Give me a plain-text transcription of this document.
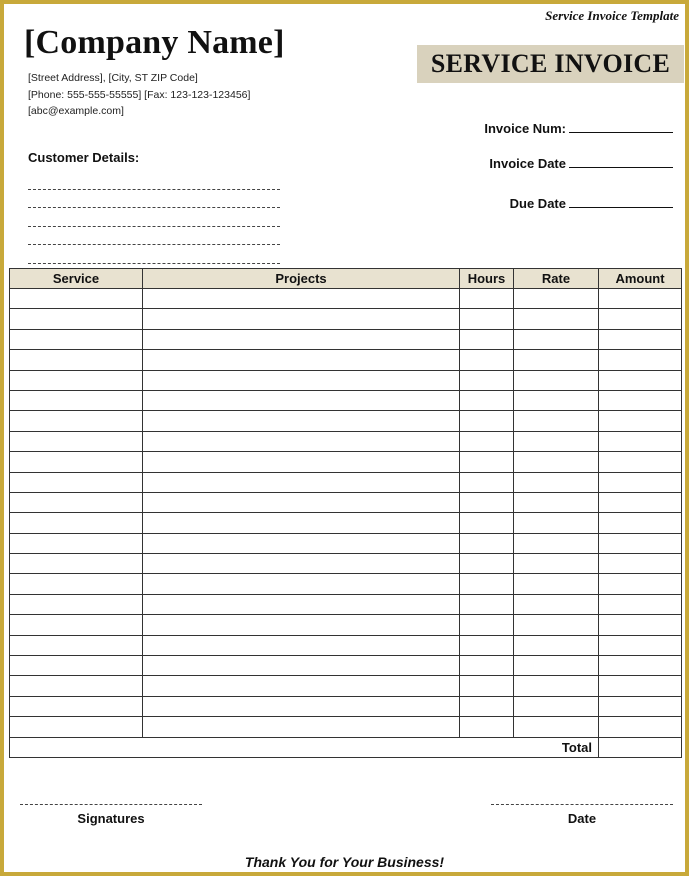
Service Invoice Template
[Company Name]
[Street Address], [City, ST ZIP Code]
[Phone: 555-555-55555] [Fax: 123-123-123456]
[abc@example.com]
SERVICE INVOICE
Invoice Num:
Invoice Date
Due Date
Customer Details:
Service	Projects	Hours	Rate	Amount

Total				
Signatures	Date
Thank You for Your Business!
